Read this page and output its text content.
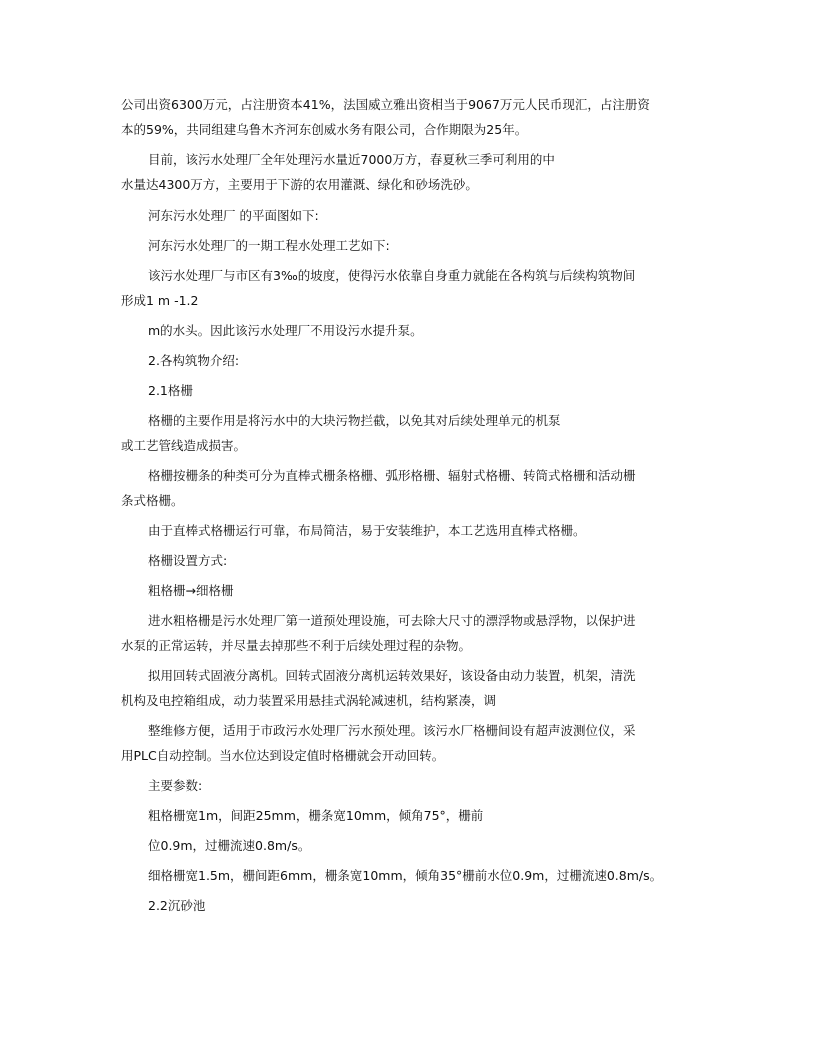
公司出资6300万元，占注册资本41%，法国威立雅出资相当于9067万元人民币现汇，占注册资
本的59%，共同组建乌鲁木齐河东创威水务有限公司，合作期限为25年。
目前，该污水处理厂全年处理污水量近7000万方，春夏秋三季可利用的中
水量达4300万方，主要用于下游的农用灌溉、绿化和砂场洗砂。
河东污水处理厂 的平面图如下:
河东污水处理厂的一期工程水处理工艺如下:
该污水处理厂与市区有3‰的坡度，使得污水依靠自身重力就能在各构筑与后续构筑物间
形成1 m -1.2
m的水头。因此该污水处理厂不用设污水提升泵。
2.各构筑物介绍:
2.1格栅
格栅的主要作用是将污水中的大块污物拦截，以免其对后续处理单元的机泵
或工艺管线造成损害。
格栅按栅条的种类可分为直棒式栅条格栅、弧形格栅、辐射式格栅、转筒式格栅和活动栅
条式格栅。
由于直棒式格栅运行可靠，布局简洁，易于安装维护，本工艺选用直棒式格栅。
格栅设置方式:
粗格栅→细格栅
进水粗格栅是污水处理厂第一道预处理设施，可去除大尺寸的漂浮物或悬浮物，以保护进
水泵的正常运转，并尽量去掉那些不利于后续处理过程的杂物。
拟用回转式固液分离机。回转式固液分离机运转效果好，该设备由动力装置，机架，清洗
机构及电控箱组成，动力装置采用悬挂式涡轮减速机，结构紧凑，调
整维修方便，适用于市政污水处理厂污水预处理。该污水厂格栅间设有超声波测位仪，采
用PLC自动控制。当水位达到设定值时格栅就会开动回转。
主要参数:
粗格栅宽1m，间距25mm，栅条宽10mm，倾角75°，栅前
位0.9m，过栅流速0.8m/s。
细格栅宽1.5m，栅间距6mm，栅条宽10mm，倾角35°栅前水位0.9m，过栅流速0.8m/s。
2.2沉砂池
